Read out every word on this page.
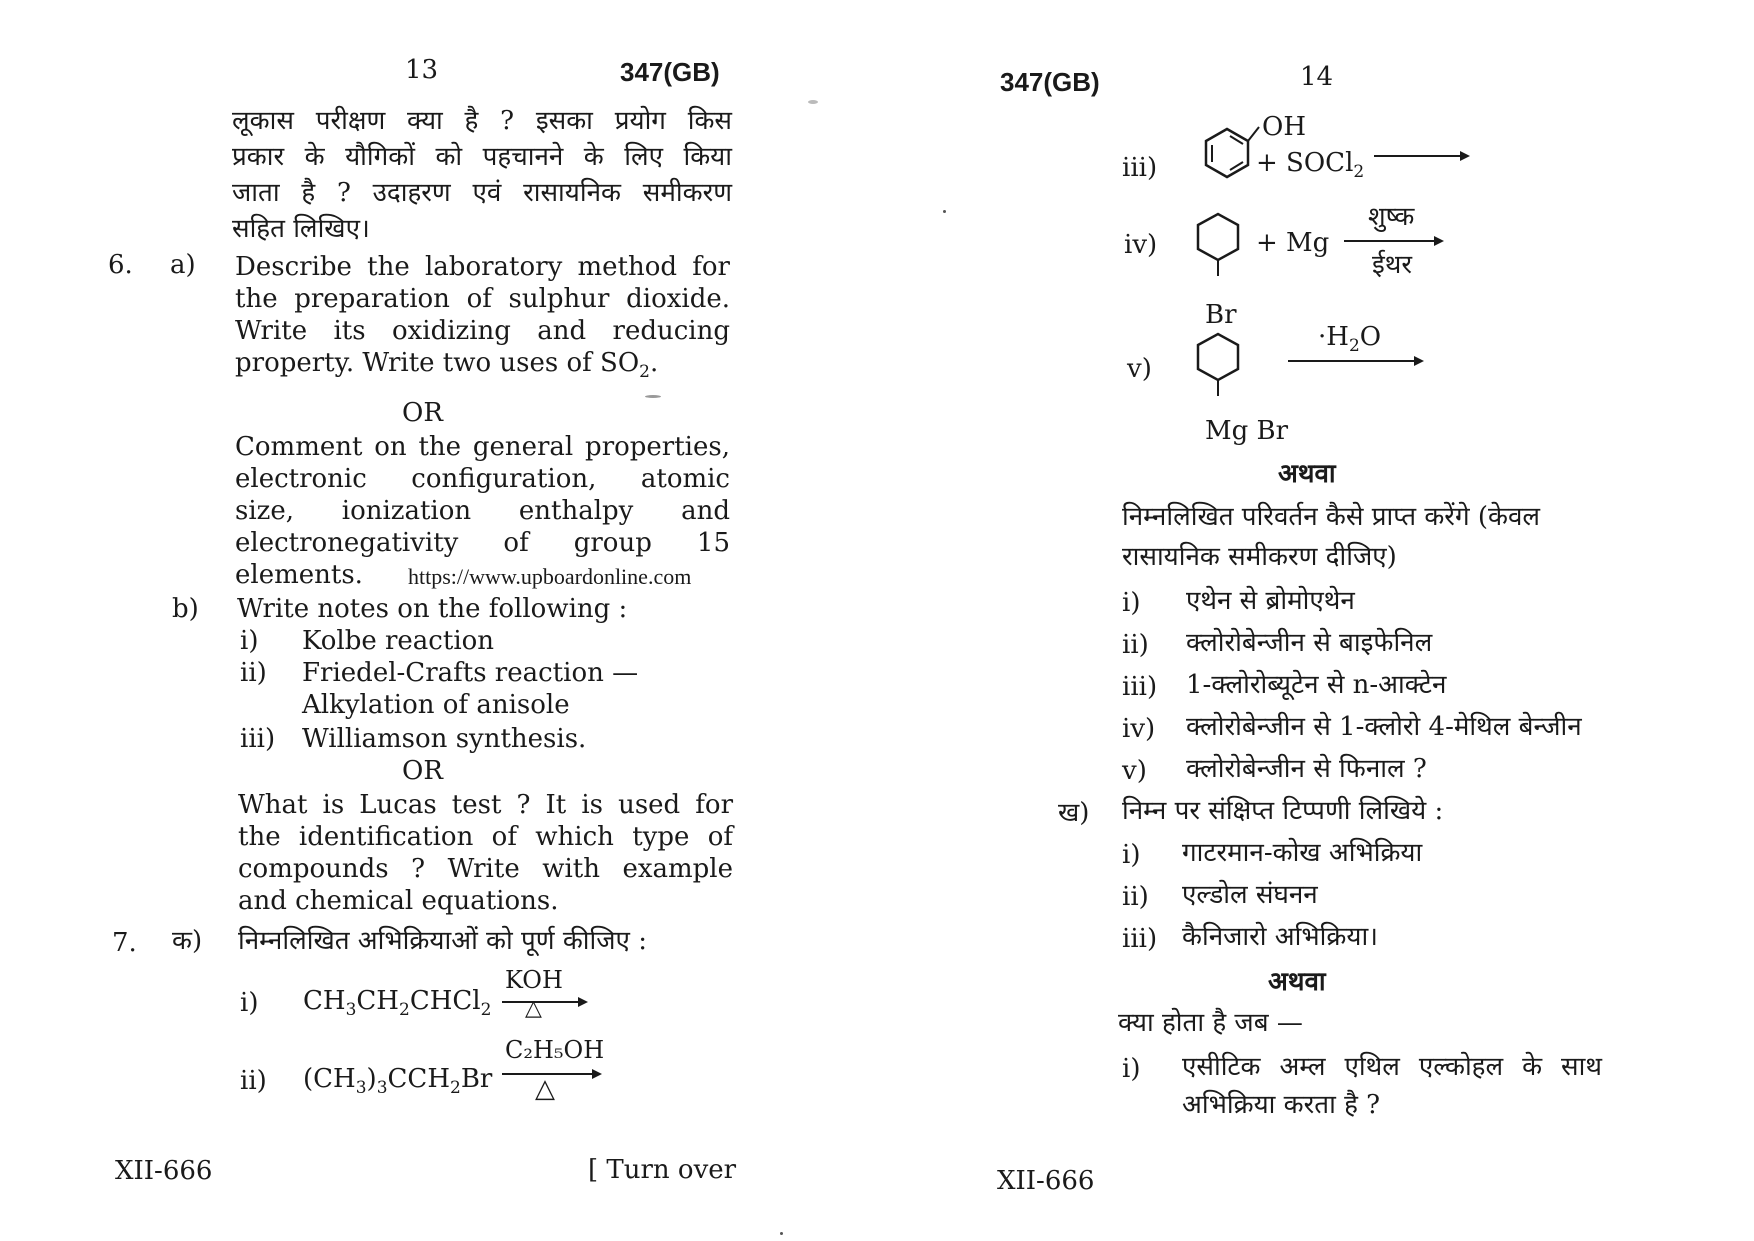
13	347(GB)
लूकास परीक्षण क्या है ? इसका प्रयोग किस
प्रकार के यौगिकों को पहचानने के लिए किया
जाता है ? उदाहरण एवं रासायनिक समीकरण
सहित लिखिए।
6. a) Describe the laboratory method for
the preparation of sulphur dioxide.
Write its oxidizing and reducing
property. Write two uses of $SO_2$.
OR
Comment on the general properties,
electronic configuration, atomic
size, ionization enthalpy and
electronegativity of group 15
elements. https://www.upboardonline.com
b) Write notes on the following :
i) Kolbe reaction
ii) Friedel-Crafts reaction —
Alkylation of anisole
iii) Williamson synthesis.
OR
What is Lucas test ? It is used for
the identification of which type of
compounds ? Write with example
and chemical equations.
7. क) निम्नलिखित अभिक्रियाओं को पूर्ण कीजिए :
i) $CH_3CH_2CHCl_2$
KOH
△
ii) $(CH_3)_3CCH_2Br$
C₂H₅OH
△
XII-666	[ Turn over
347(GB)	14
iii)
OH
+ SOCl$_2$
iv)
Br
+ Mg
शुष्क
ईथर
v)
Mg Br
$\cdot H_2O$
अथवा
निम्नलिखित परिवर्तन कैसे प्राप्त करेंगे (केवल
रासायनिक समीकरण दीजिए)
i) एथेन से ब्रोमोएथेन
ii) क्लोरोबेन्जीन से बाइफेनिल
iii) 1-क्लोरोब्यूटेन से n-आक्टेन
iv) क्लोरोबेन्जीन से 1-क्लोरो 4-मेथिल बेन्जीन
v) क्लोरोबेन्जीन से फिनाल ?
ख) निम्न पर संक्षिप्त टिप्पणी लिखिये :
i) गाटरमान-कोख अभिक्रिया
ii) एल्डोल संघनन
iii) कैनिजारो अभिक्रिया।
अथवा
क्या होता है जब —
i) एसीटिक अम्ल एथिल एल्कोहल के साथ
अभिक्रिया करता है ?
XII-666
